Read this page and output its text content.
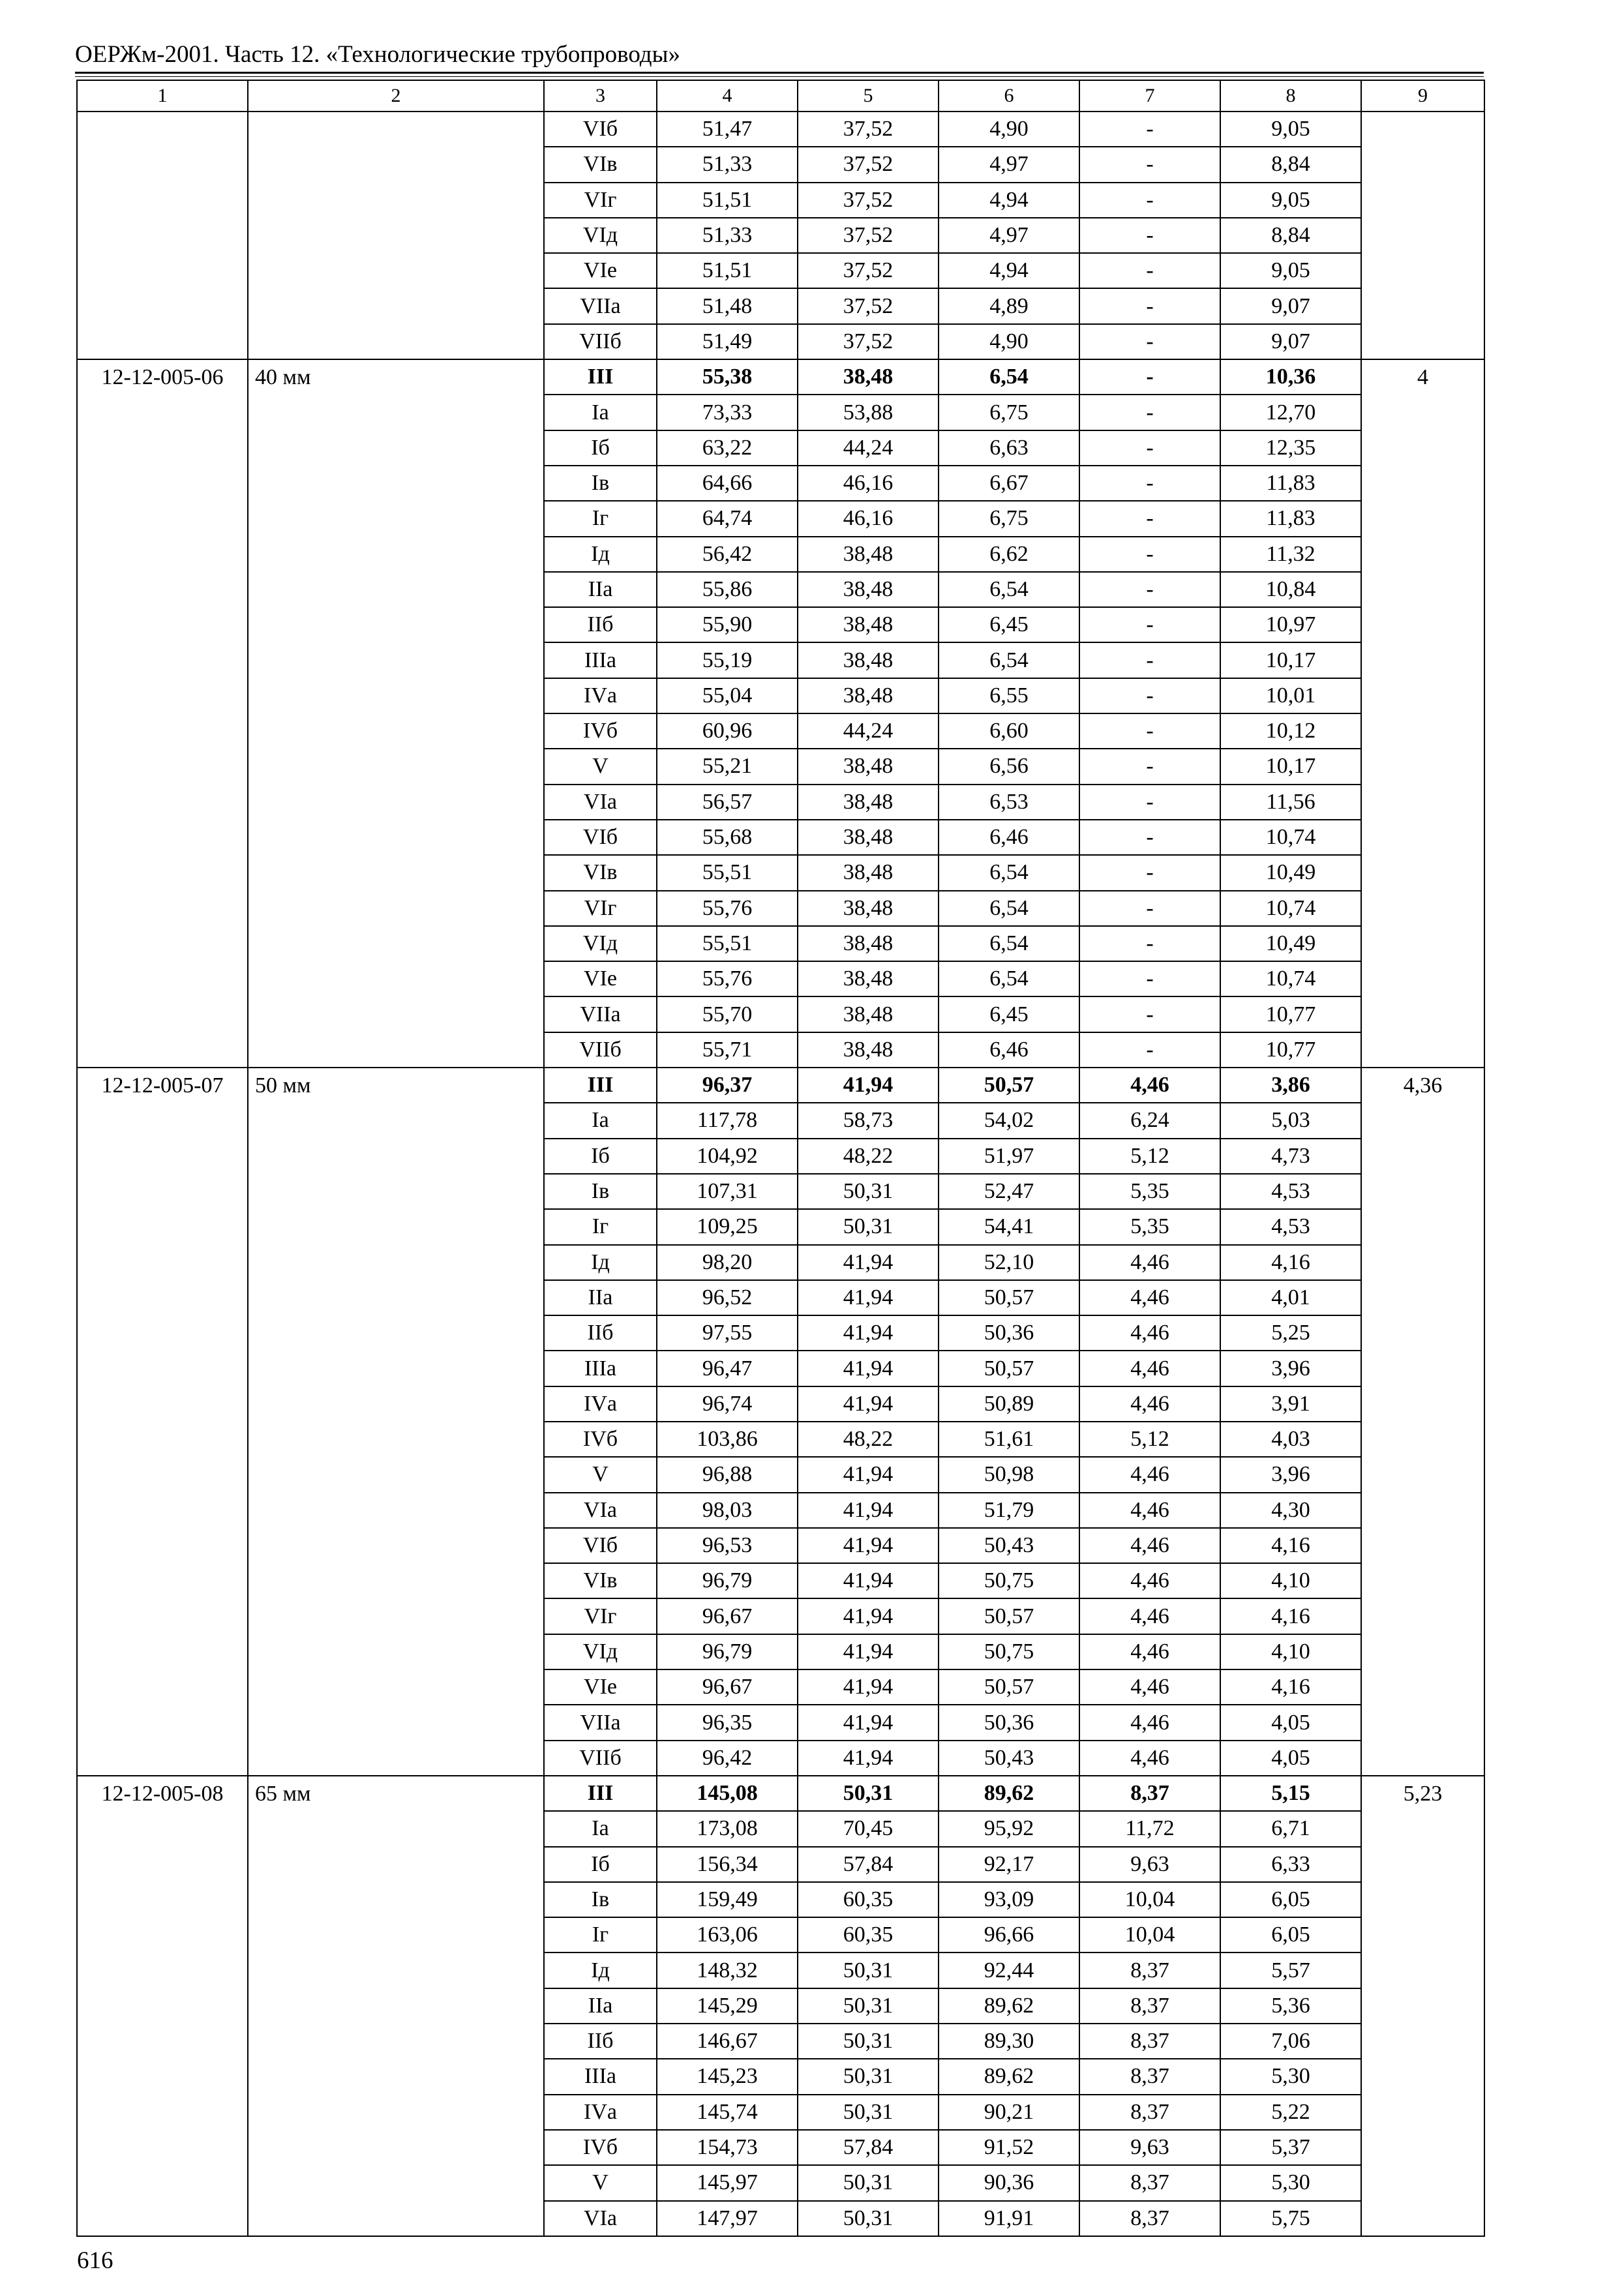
ОЕРЖм-2001. Часть 12. «Технологические трубопроводы»
1	2	3	4	5	6	7	8	9
		VIб	51,47	37,52	4,90	-	9,05	
		VIв	51,33	37,52	4,97	-	8,84	
		VIг	51,51	37,52	4,94	-	9,05	
		VIд	51,33	37,52	4,97	-	8,84	
		VIе	51,51	37,52	4,94	-	9,05	
		VIIа	51,48	37,52	4,89	-	9,07	
		VIIб	51,49	37,52	4,90	-	9,07	
12-12-005-06	40 мм	III	55,38	38,48	6,54	-	10,36	4
		Iа	73,33	53,88	6,75	-	12,70	
		Iб	63,22	44,24	6,63	-	12,35	
		Iв	64,66	46,16	6,67	-	11,83	
		Iг	64,74	46,16	6,75	-	11,83	
		Iд	56,42	38,48	6,62	-	11,32	
		IIа	55,86	38,48	6,54	-	10,84	
		IIб	55,90	38,48	6,45	-	10,97	
		IIIа	55,19	38,48	6,54	-	10,17	
		IVа	55,04	38,48	6,55	-	10,01	
		IVб	60,96	44,24	6,60	-	10,12	
		V	55,21	38,48	6,56	-	10,17	
		VIа	56,57	38,48	6,53	-	11,56	
		VIб	55,68	38,48	6,46	-	10,74	
		VIв	55,51	38,48	6,54	-	10,49	
		VIг	55,76	38,48	6,54	-	10,74	
		VIд	55,51	38,48	6,54	-	10,49	
		VIе	55,76	38,48	6,54	-	10,74	
		VIIа	55,70	38,48	6,45	-	10,77	
		VIIб	55,71	38,48	6,46	-	10,77	
12-12-005-07	50 мм	III	96,37	41,94	50,57	4,46	3,86	4,36
		Iа	117,78	58,73	54,02	6,24	5,03	
		Iб	104,92	48,22	51,97	5,12	4,73	
		Iв	107,31	50,31	52,47	5,35	4,53	
		Iг	109,25	50,31	54,41	5,35	4,53	
		Iд	98,20	41,94	52,10	4,46	4,16	
		IIа	96,52	41,94	50,57	4,46	4,01	
		IIб	97,55	41,94	50,36	4,46	5,25	
		IIIа	96,47	41,94	50,57	4,46	3,96	
		IVа	96,74	41,94	50,89	4,46	3,91	
		IVб	103,86	48,22	51,61	5,12	4,03	
		V	96,88	41,94	50,98	4,46	3,96	
		VIа	98,03	41,94	51,79	4,46	4,30	
		VIб	96,53	41,94	50,43	4,46	4,16	
		VIв	96,79	41,94	50,75	4,46	4,10	
		VIг	96,67	41,94	50,57	4,46	4,16	
		VIд	96,79	41,94	50,75	4,46	4,10	
		VIе	96,67	41,94	50,57	4,46	4,16	
		VIIа	96,35	41,94	50,36	4,46	4,05	
		VIIб	96,42	41,94	50,43	4,46	4,05	
12-12-005-08	65 мм	III	145,08	50,31	89,62	8,37	5,15	5,23
		Iа	173,08	70,45	95,92	11,72	6,71	
		Iб	156,34	57,84	92,17	9,63	6,33	
		Iв	159,49	60,35	93,09	10,04	6,05	
		Iг	163,06	60,35	96,66	10,04	6,05	
		Iд	148,32	50,31	92,44	8,37	5,57	
		IIа	145,29	50,31	89,62	8,37	5,36	
		IIб	146,67	50,31	89,30	8,37	7,06	
		IIIа	145,23	50,31	89,62	8,37	5,30	
		IVа	145,74	50,31	90,21	8,37	5,22	
		IVб	154,73	57,84	91,52	9,63	5,37	
		V	145,97	50,31	90,36	8,37	5,30	
		VIа	147,97	50,31	91,91	8,37	5,75	
616
